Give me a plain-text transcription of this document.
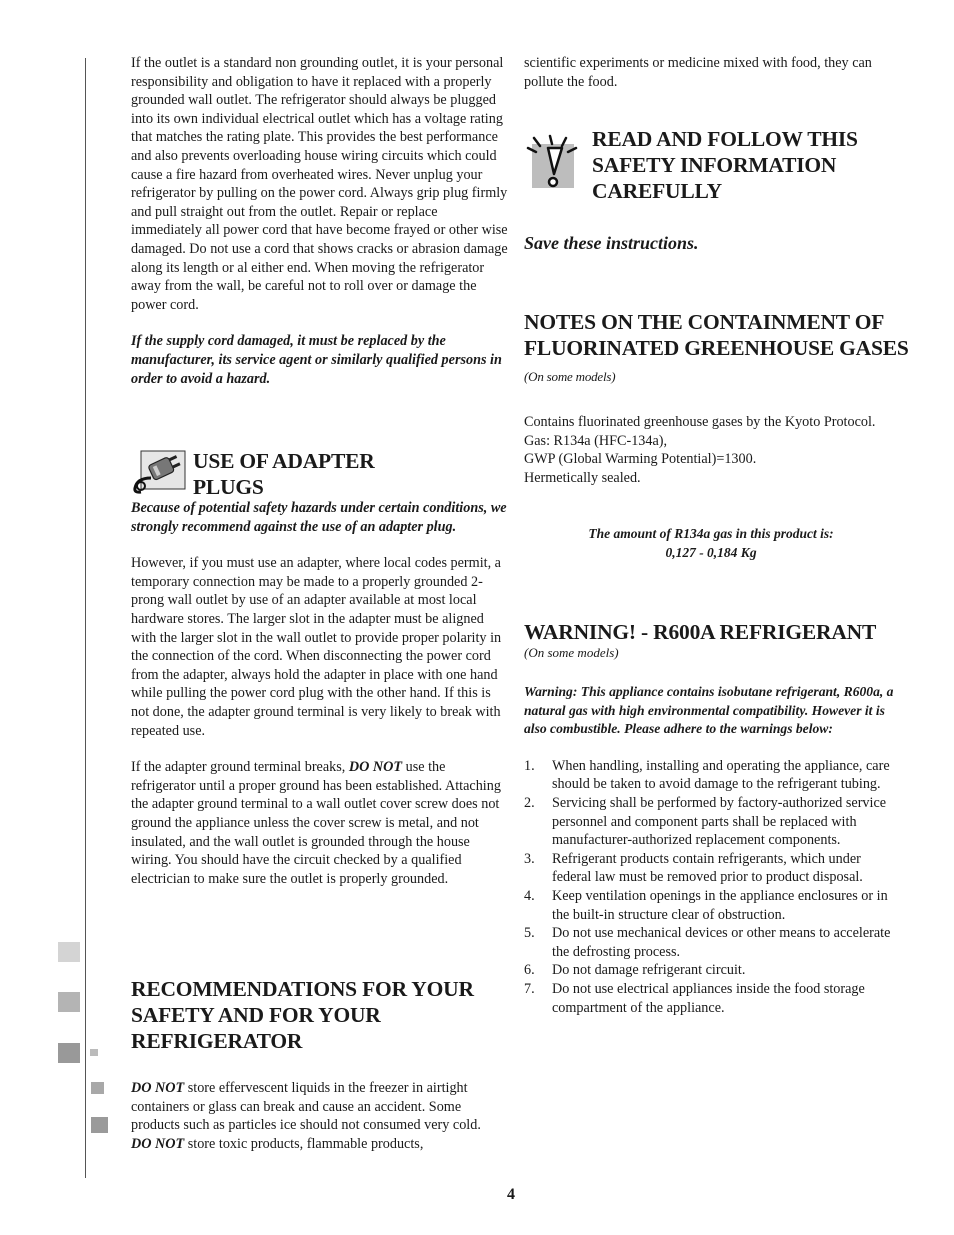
If the outlet is a standard non grounding outlet, it is your personal responsibility and obligation to have it replaced with a properly grounded wall outlet. The refrigerator should always be plugged into its own individual electrical outlet which has a voltage rating that matches the rating plate. This provides the best performance and also prevents overloading house wiring circuits which could cause a fire hazard from overheated wires. Never unplug your refrigerator by pulling on the power cord. Always grip plug firmly and pull straight out from the outlet. Repair or replace immediately all power cord that have become frayed or other wise damaged. Do not use a cord that shows cracks or abrasion damage along its length or al either end. When moving the refrigerator away from the wall, be careful not to roll over or damage the power cord.

If the supply cord damaged, it must be replaced by the manufacturer, its service agent or similarly qualified persons in order to avoid a hazard.

USE OF ADAPTER
PLUGS

Because of potential safety hazards under certain conditions, we strongly recommend against the use of an adapter plug.

However, if you must use an adapter, where local codes permit, a temporary connection may be made to a properly grounded 2-prong wall outlet by use of an adapter available at most local hardware stores. The larger slot in the adapter must be aligned with the larger slot in the wall outlet to provide proper polarity in the connection of the cord. When disconnecting the power cord from the adapter, always hold the adapter in place with one hand while pulling the power cord plug with the other hand. If this is not done, the adapter ground terminal is very likely to break with repeated use.

If the adapter ground terminal breaks, DO NOT use the refrigerator until a proper ground has been established. Attaching the adapter ground terminal to a wall outlet cover screw does not ground the appliance unless the cover screw is metal, and not insulated, and the wall outlet is grounded through the house wiring. You should have the circuit checked by a qualified electrician to make sure the outlet is properly grounded.

RECOMMENDATIONS FOR YOUR SAFETY AND FOR YOUR REFRIGERATOR

DO NOT store effervescent liquids in the freezer in airtight containers or glass can break and cause an accident. Some products such as particles ice should not consumed very cold.

DO NOT store toxic products, flammable products,

scientific experiments or medicine mixed with food, they can pollute the food.

READ AND FOLLOW THIS SAFETY INFORMATION CAREFULLY
Save these instructions.
NOTES ON THE CONTAINMENT OF FLUORINATED GREENHOUSE GASES (On some models)

Contains fluorinated greenhouse gases by the Kyoto Protocol.

Gas: R134a (HFC-134a),

GWP (Global Warming Potential)=1300.

Hermetically sealed.

The amount of R134a gas in this product is:

0,127 - 0,184 Kg

WARNING! - R600A REFRIGERANT
(On some models)

Warning: This appliance contains isobutane refrigerant, R600a, a natural gas with high environmental compatibility. However it is also combustible. Please adhere to the warnings below:

1. When handling, installing and operating the appliance, care should be taken to avoid damage to the refrigerant tubing.
2. Servicing shall be performed by factory-authorized service personnel and component parts shall be replaced with manufacturer-authorized replacement components.
3. Refrigerant products contain refrigerants, which under federal law must be removed prior to product disposal.
4. Keep ventilation openings in the appliance enclosures or in the built-in structure clear of obstruction.
5. Do not use mechanical devices or other means to accelerate the defrosting process.
6. Do not damage refrigerant circuit.
7. Do not use electrical appliances inside the food storage compartment of the appliance.
4
